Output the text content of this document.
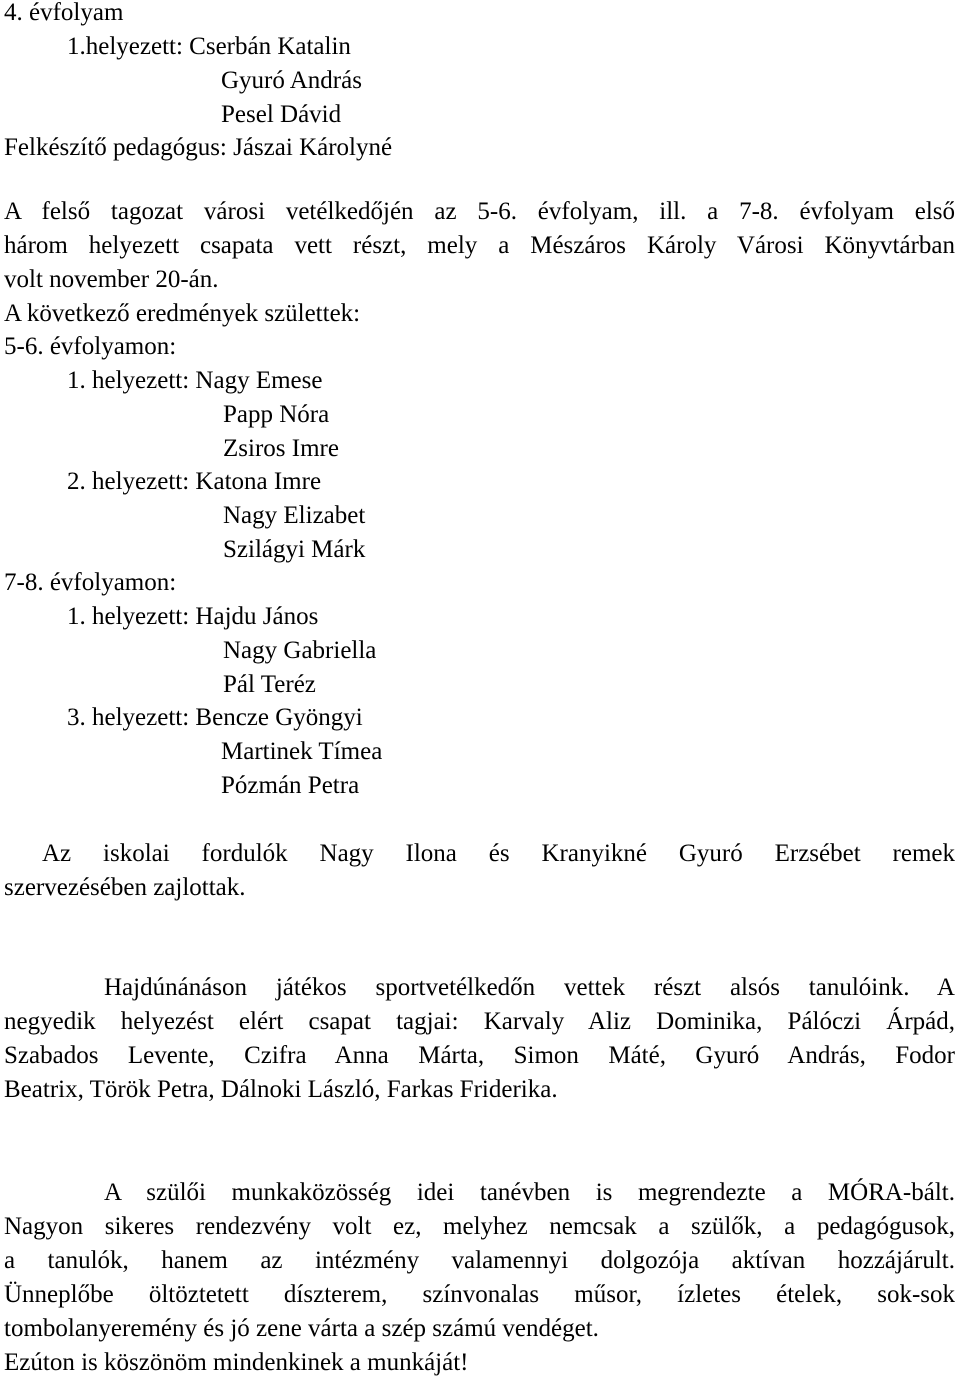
4. évfolyam
1.helyezett: Cserbán Katalin
Gyuró András
Pesel Dávid
Felkészítő pedagógus: Jászai Károlyné
A felső tagozat városi vetélkedőjén az 5-6. évfolyam, ill. a 7-8. évfolyam első
három helyezett csapata vett részt, mely a Mészáros Károly Városi Könyvtárban
volt november 20-án.
A következő eredmények születtek:
5-6. évfolyamon:
1. helyezett: Nagy Emese
Papp Nóra
Zsiros Imre
2. helyezett: Katona Imre
Nagy Elizabet
Szilágyi Márk
7-8. évfolyamon:
1. helyezett: Hajdu János
Nagy Gabriella
Pál Teréz
3. helyezett: Bencze Gyöngyi
Martinek Tímea
Pózmán Petra
Az iskolai fordulók Nagy Ilona és Kranyikné Gyuró Erzsébet remek
szervezésében zajlottak.
Hajdúnánáson játékos sportvetélkedőn vettek részt alsós tanulóink. A
negyedik helyezést elért csapat tagjai: Karvaly Aliz Dominika, Pálóczi Árpád,
Szabados Levente, Czifra Anna Márta, Simon Máté, Gyuró András, Fodor
Beatrix, Török Petra, Dálnoki László, Farkas Friderika.
A szülői munkaközösség idei tanévben is megrendezte a MÓRA-bált.
Nagyon sikeres rendezvény volt ez, melyhez nemcsak a szülők, a pedagógusok,
a tanulók, hanem az intézmény valamennyi dolgozója aktívan hozzájárult.
Ünneplőbe öltöztetett díszterem, színvonalas műsor, ízletes ételek, sok-sok
tombolanyeremény és jó zene várta a szép számú vendéget.
Ezúton is köszönöm mindenkinek a munkáját!
